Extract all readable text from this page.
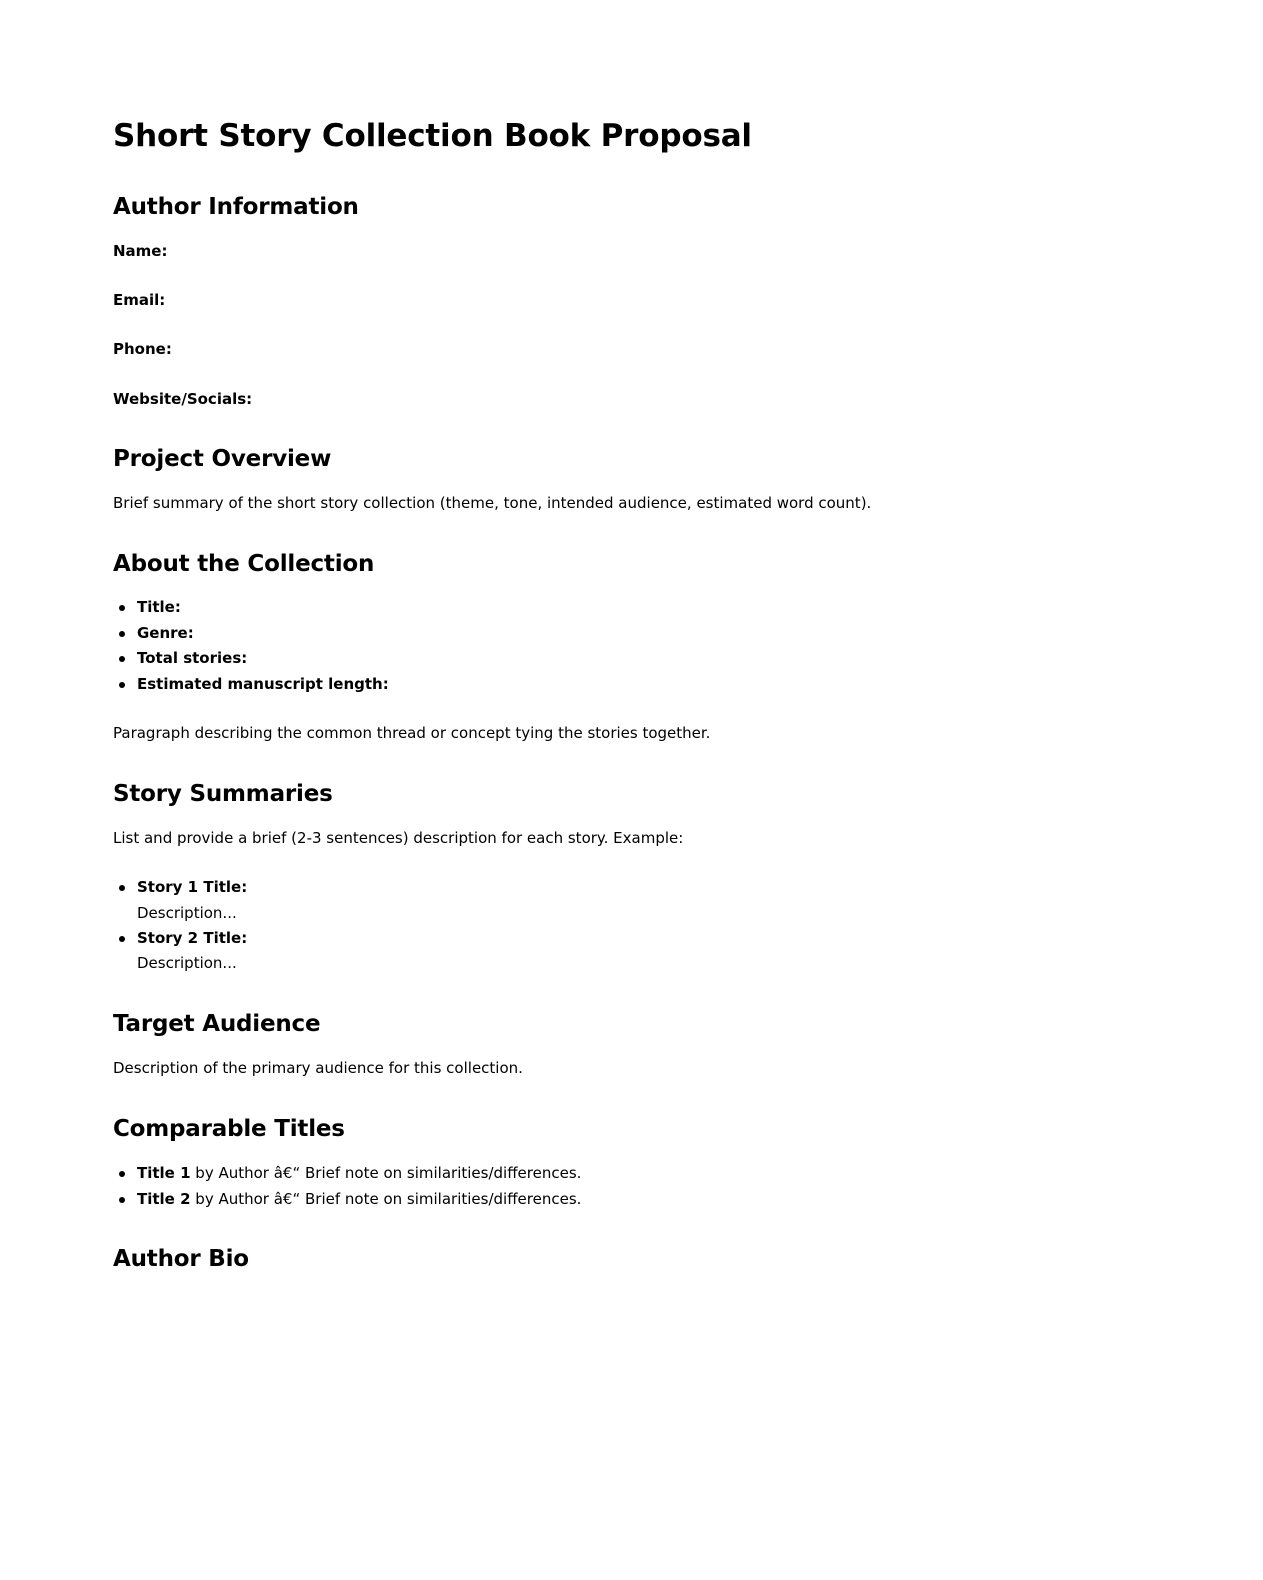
Short Story Collection Book Proposal
Author Information

Name:

Email:

Phone:

Website/Socials:

Project Overview

Brief summary of the short story collection (theme, tone, intended audience, estimated word count).

About the Collection
Title:
Genre:
Total stories:
Estimated manuscript length:

Paragraph describing the common thread or concept tying the stories together.

Story Summaries

List and provide a brief (2-3 sentences) description for each story. Example:

Story 1 Title:
Description...
Story 2 Title:
Description...
Target Audience

Description of the primary audience for this collection.

Comparable Titles
Title 1 by Author â€“ Brief note on similarities/differences.
Title 2 by Author â€“ Brief note on similarities/differences.
Author Bio
